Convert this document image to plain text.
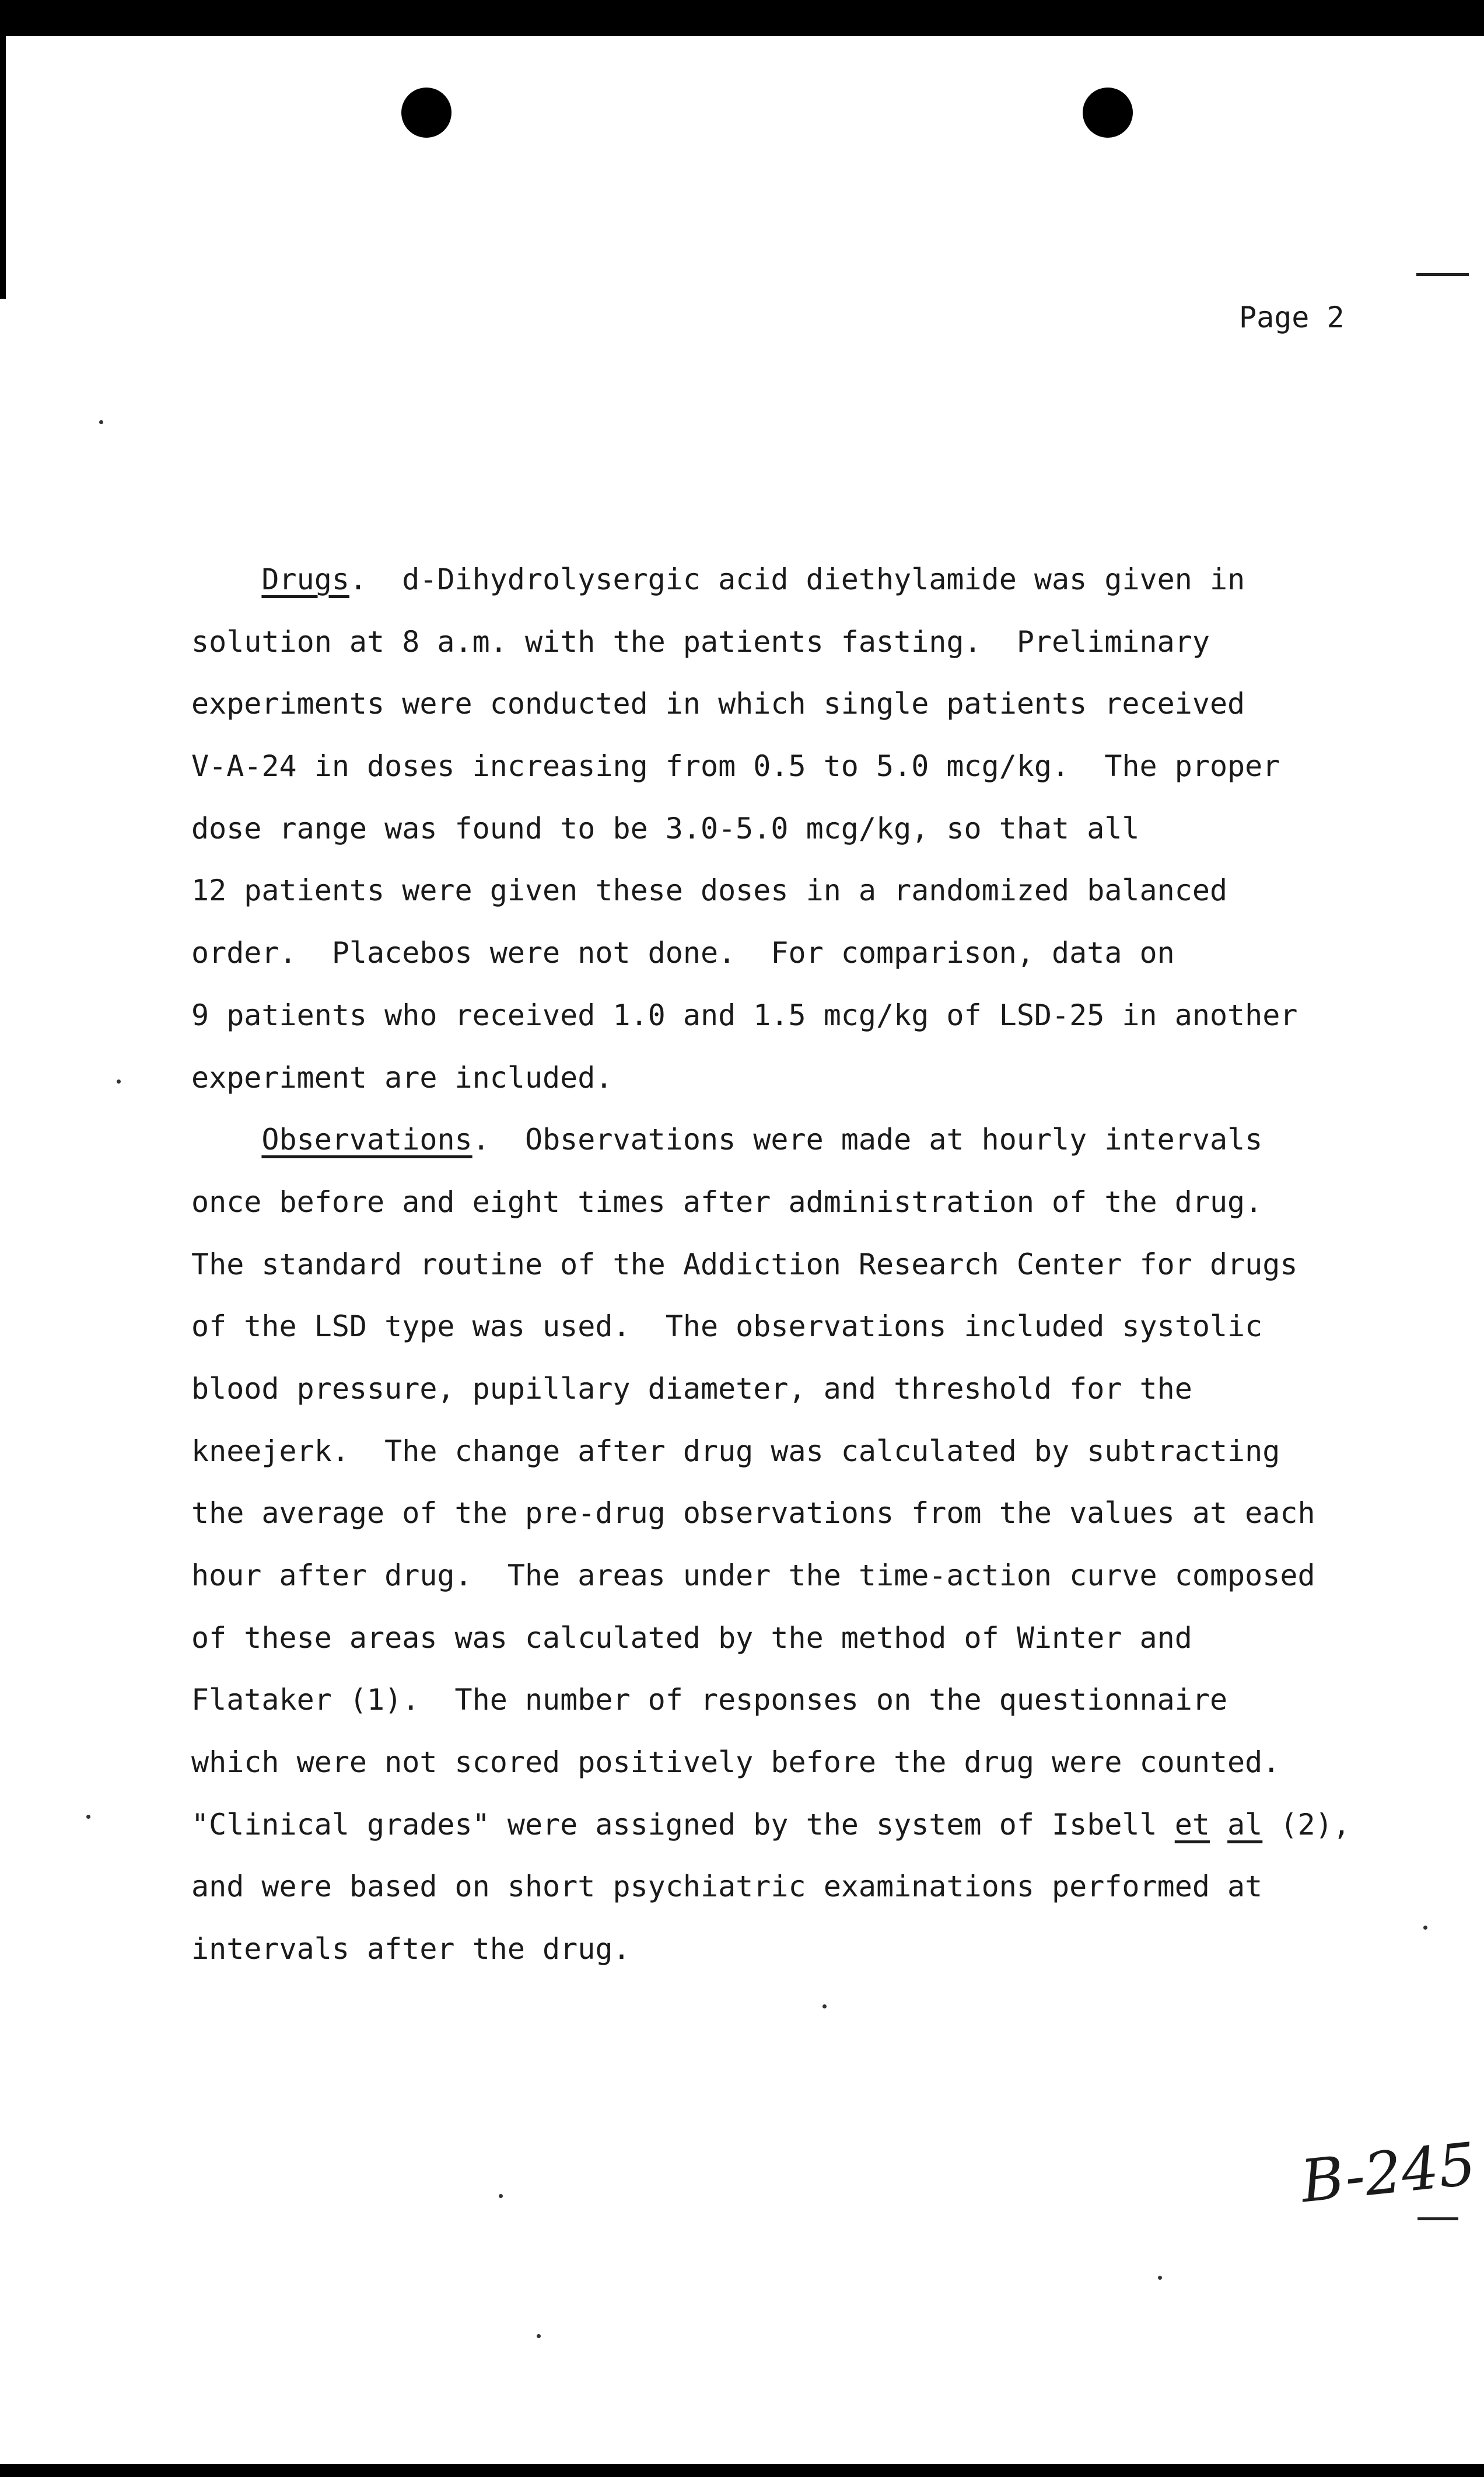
Page 2
Drugs.  d-Dihydrolysergic acid diethylamide was given in
solution at 8 a.m. with the patients fasting.  Preliminary
experiments were conducted in which single patients received
V-A-24 in doses increasing from 0.5 to 5.0 mcg/kg.  The proper
dose range was found to be 3.0-5.0 mcg/kg, so that all
12 patients were given these doses in a randomized balanced
order.  Placebos were not done.  For comparison, data on
9 patients who received 1.0 and 1.5 mcg/kg of LSD-25 in another
experiment are included.
Observations.  Observations were made at hourly intervals
once before and eight times after administration of the drug.
The standard routine of the Addiction Research Center for drugs
of the LSD type was used.  The observations included systolic
blood pressure, pupillary diameter, and threshold for the
kneejerk.  The change after drug was calculated by subtracting
the average of the pre-drug observations from the values at each
hour after drug.  The areas under the time-action curve composed
of these areas was calculated by the method of Winter and
Flataker (1).  The number of responses on the questionnaire
which were not scored positively before the drug were counted.
"Clinical grades" were assigned by the system of Isbell et al (2),
and were based on short psychiatric examinations performed at
intervals after the drug.
B-245
